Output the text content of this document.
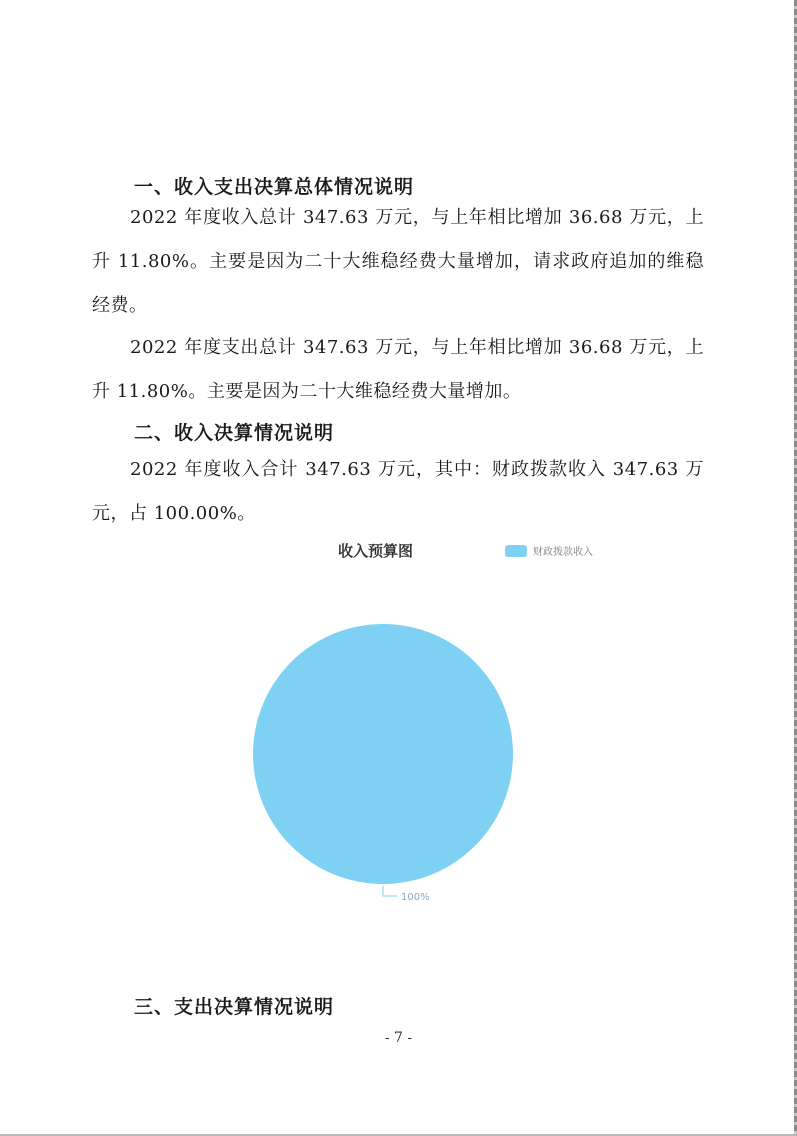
一、收入支出决算总体情况说明

2022 年度收入总计 347.63 万元，与上年相比增加 36.68 万元，上升 11.80%。主要是因为二十大维稳经费大量增加，请求政府追加的维稳经费。

2022 年度支出总计 347.63 万元，与上年相比增加 36.68 万元，上升 11.80%。主要是因为二十大维稳经费大量增加。

二、收入决算情况说明

2022 年度收入合计 347.63 万元，其中：财政拨款收入 347.63 万元，占 100.00%。

收入预算图	财政拨款收入
100%
三、支出决算情况说明
- 7 -
